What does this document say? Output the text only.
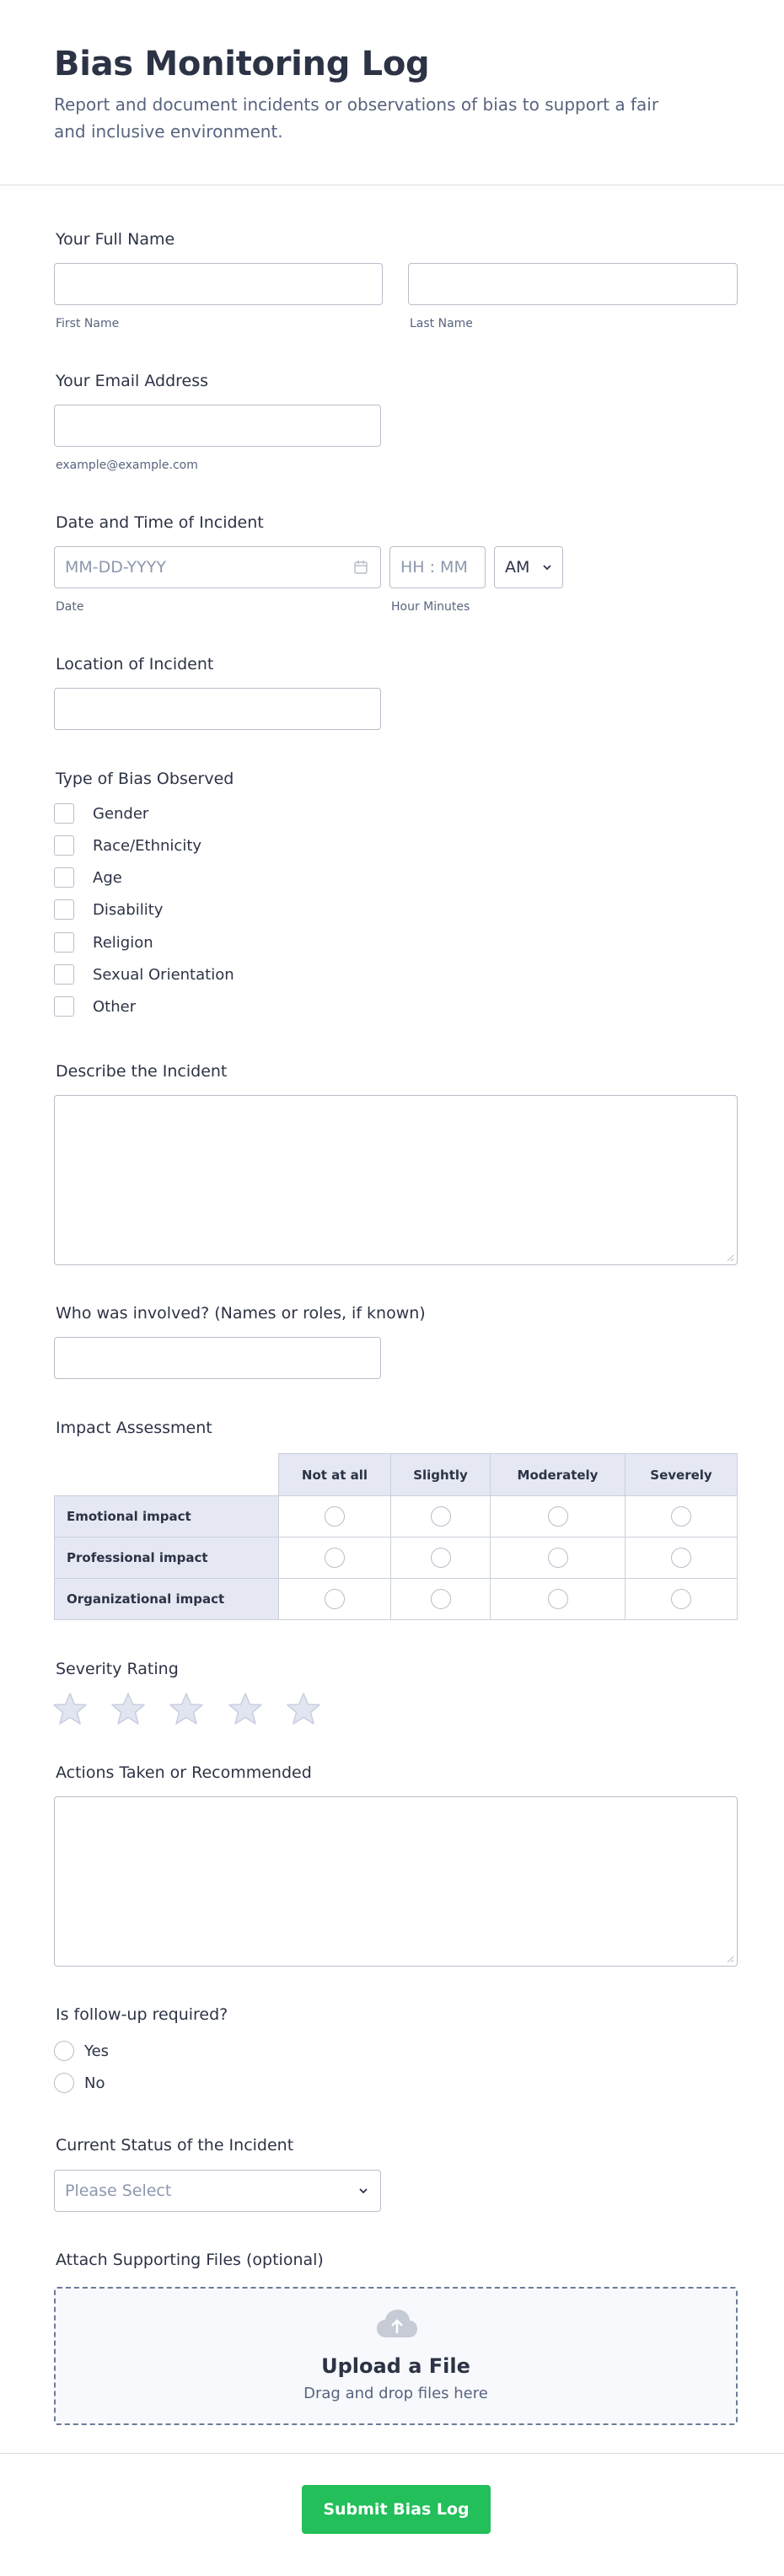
Bias Monitoring Log

Report and document incidents or observations of bias to support a fair and inclusive environment.

Your Full Name
First Name	Last Name
Your Email Address
example@example.com
Date and Time of Incident
MM-DD-YYYY	HH : MM AM
Date	Hour Minutes
Location of Incident
Type of Bias Observed
Gender
Race/Ethnicity
Age
Disability
Religion
Sexual Orientation
Other
Describe the Incident
Who was involved? (Names or roles, if known)
Impact Assessment
	Not at all	Slightly	Moderately	Severely
Emotional impact				
Professional impact				
Organizational impact				
Severity Rating
Actions Taken or Recommended
Is follow-up required?
Yes
No
Current Status of the Incident
Please Select
Attach Supporting Files (optional)
Upload a File
Drag and drop files here
Submit Bias Log
